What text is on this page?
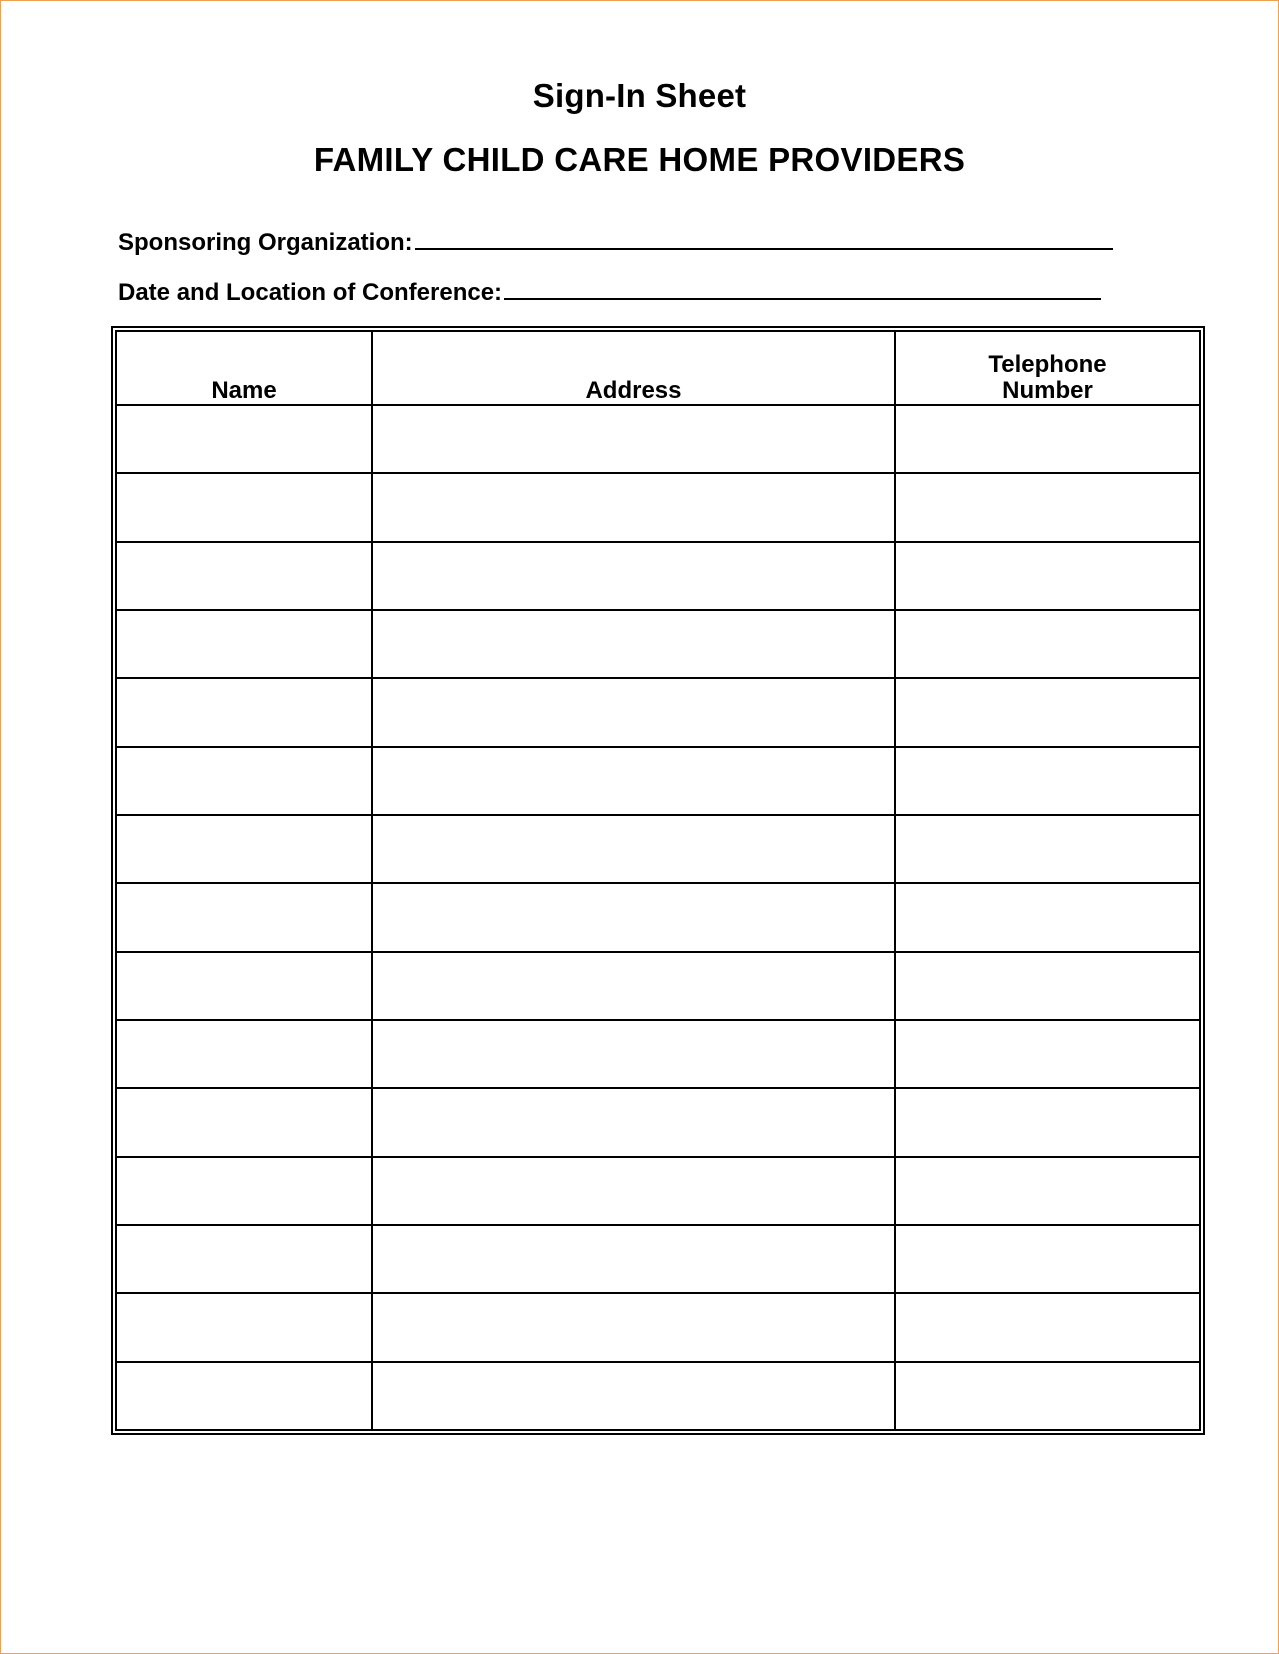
Sign-In Sheet
FAMILY CHILD CARE HOME PROVIDERS
Sponsoring Organization:
Date and Location of Conference:
Name	Address	Telephone
Number
